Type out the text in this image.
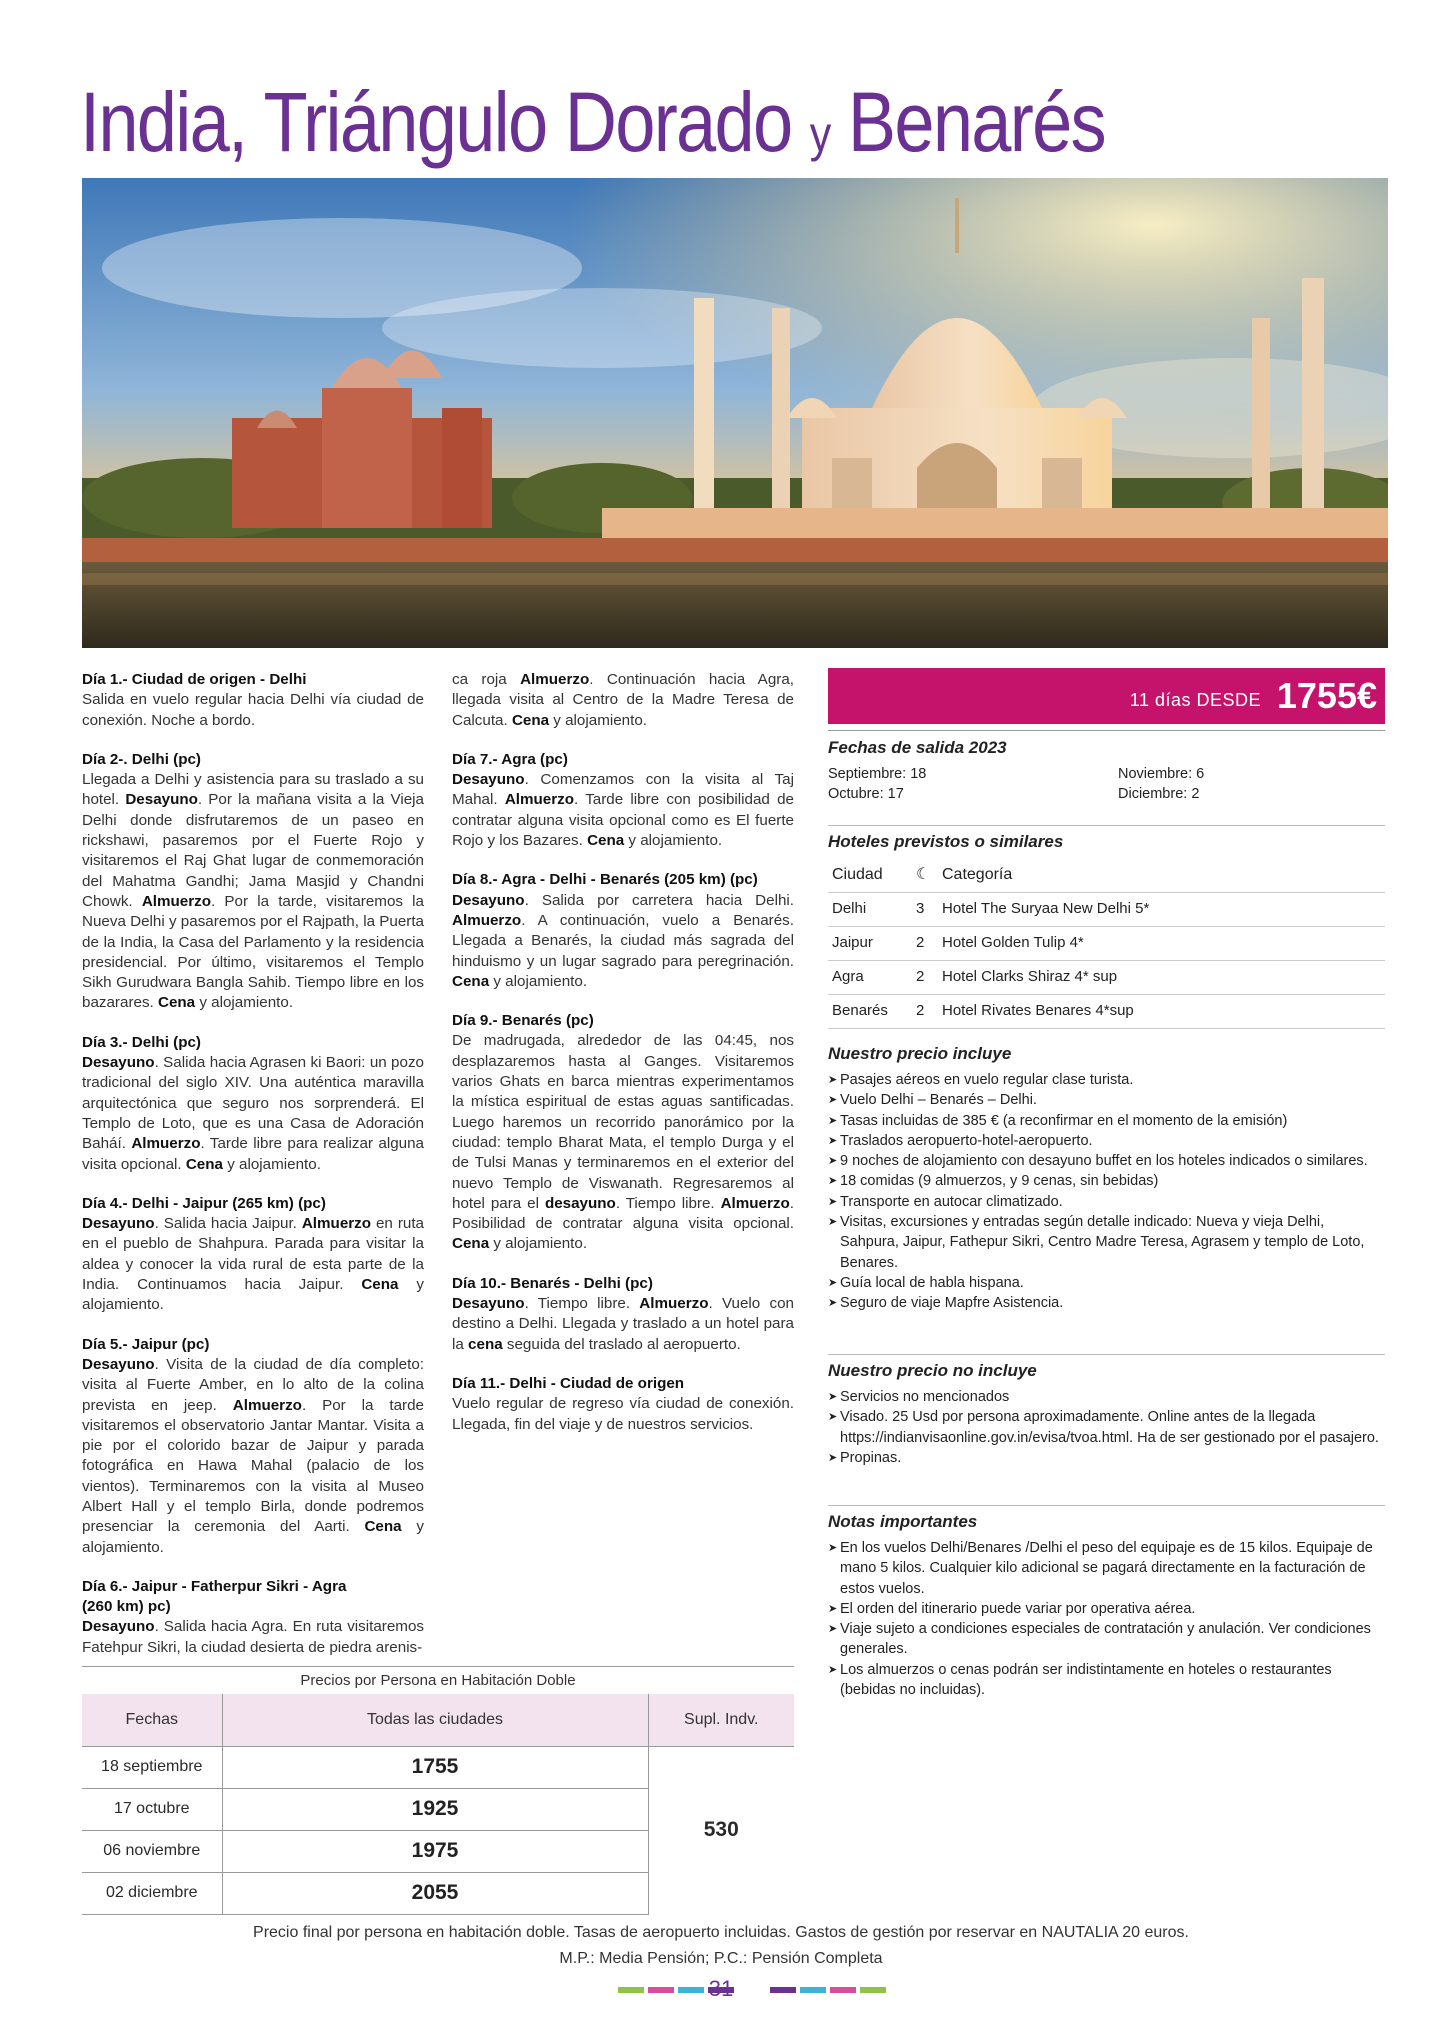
India, Triángulo Dorado y Benarés
Día 1.- Ciudad de origen - Delhi

Salida en vuelo regular hacia Delhi vía ciudad de conexión. Noche a bordo.

Día 2-. Delhi (pc)

Llegada a Delhi y asistencia para su traslado a su hotel. Desayuno. Por la mañana visita a la Vieja Delhi donde disfrutaremos de un paseo en rickshawi, pasaremos por el Fuerte Rojo y visitaremos el Raj Ghat lugar de conmemoración del Mahatma Gandhi; Jama Masjid y Chandni Chowk. Almuerzo. Por la tarde, visitaremos la Nueva Delhi y pasaremos por el Rajpath, la Puerta de la India, la Casa del Parlamento y la residencia presidencial. Por último, visitaremos el Templo Sikh Gurudwara Bangla Sahib. Tiempo libre en los bazarares. Cena y alojamiento.

Día 3.- Delhi (pc)

Desayuno. Salida hacia Agrasen ki Baori: un pozo tradicional del siglo XIV. Una auténtica maravilla arquitectónica que seguro nos sorprenderá. El Templo de Loto, que es una Casa de Adoración Baháí. Almuerzo. Tarde libre para realizar alguna visita opcional. Cena y alojamiento.

Día 4.- Delhi - Jaipur (265 km) (pc)

Desayuno. Salida hacia Jaipur. Almuerzo en ruta en el pueblo de Shahpura. Parada para visitar la aldea y conocer la vida rural de esta parte de la India. Continuamos hacia Jaipur. Cena y alojamiento.

Día 5.- Jaipur (pc)

Desayuno. Visita de la ciudad de día completo: visita al Fuerte Amber, en lo alto de la colina prevista en jeep. Almuerzo. Por la tarde visitaremos el observatorio Jantar Mantar. Visita a pie por el colorido bazar de Jaipur y parada fotográfica en Hawa Mahal (palacio de los vientos). Terminaremos con la visita al Museo Albert Hall y el templo Birla, donde podremos presenciar la ceremonia del Aarti. Cena y alojamiento.

Día 6.- Jaipur - Fatherpur Sikri - Agra
(260 km) pc)

Desayuno. Salida hacia Agra. En ruta visitaremos Fatehpur Sikri, la ciudad desierta de piedra arenis-

ca roja Almuerzo. Continuación hacia Agra, llegada visita al Centro de la Madre Teresa de Calcuta. Cena y alojamiento.

Día 7.- Agra (pc)

Desayuno. Comenzamos con la visita al Taj Mahal. Almuerzo. Tarde libre con posibilidad de contratar alguna visita opcional como es El fuerte Rojo y los Bazares. Cena y alojamiento.

Día 8.- Agra - Delhi - Benarés (205 km) (pc)

Desayuno. Salida por carretera hacia Delhi. Almuerzo. A continuación, vuelo a Benarés. Llegada a Benarés, la ciudad más sagrada del hinduismo y un lugar sagrado para peregrinación. Cena y alojamiento.

Día 9.- Benarés (pc)

De madrugada, alrededor de las 04:45, nos desplazaremos hasta al Ganges. Visitaremos varios Ghats en barca mientras experimentamos la mística espiritual de estas aguas santificadas. Luego haremos un recorrido panorámico por la ciudad: templo Bharat Mata, el templo Durga y el de Tulsi Manas y terminaremos en el exterior del nuevo Templo de Viswanath. Regresaremos al hotel para el desayuno. Tiempo libre. Almuerzo. Posibilidad de contratar alguna visita opcional. Cena y alojamiento.

Día 10.- Benarés - Delhi (pc)

Desayuno. Tiempo libre. Almuerzo. Vuelo con destino a Delhi. Llegada y traslado a un hotel para la cena seguida del traslado al aeropuerto.

Día 11.- Delhi - Ciudad de origen

Vuelo regular de regreso vía ciudad de conexión. Llegada, fin del viaje y de nuestros servicios.

11 días DESDE 1755€
Fechas de salida 2023
Septiembre: 18	Noviembre: 6
Octubre: 17	Diciembre: 2
Hoteles previstos o similares
Ciudad	☾	Categoría
Delhi	3	Hotel The Suryaa New Delhi 5*
Jaipur	2	Hotel Golden Tulip 4*
Agra	2	Hotel Clarks Shiraz 4* sup
Benarés	2	Hotel Rivates Benares 4*sup
Nuestro precio incluye
➤ Pasajes aéreos en vuelo regular clase turista.
➤ Vuelo Delhi – Benarés – Delhi.
➤ Tasas incluidas de 385 € (a reconfirmar en el momento de la emisión)
➤ Traslados aeropuerto-hotel-aeropuerto.
➤ 9 noches de alojamiento con desayuno buffet en los hoteles indicados o similares.
➤ 18 comidas (9 almuerzos, y 9 cenas, sin bebidas)
➤ Transporte en autocar climatizado.
➤ Visitas, excursiones y entradas según detalle indicado: Nueva y vieja Delhi, Sahpura, Jaipur, Fathepur Sikri, Centro Madre Teresa, Agrasem y templo de Loto, Benares.
➤ Guía local de habla hispana.
➤ Seguro de viaje Mapfre Asistencia.
Nuestro precio no incluye
➤ Servicios no mencionados
➤ Visado. 25 Usd por persona aproximadamente. Online antes de la llegada https://indianvisaonline.gov.in/evisa/tvoa.html. Ha de ser gestionado por el pasajero.
➤ Propinas.
Notas importantes
➤ En los vuelos Delhi/Benares /Delhi el peso del equipaje es de 15 kilos. Equipaje de mano 5 kilos. Cualquier kilo adicional se pagará directamente en la facturación de estos vuelos.
➤ El orden del itinerario puede variar por operativa aérea.
➤ Viaje sujeto a condiciones especiales de contratación y anulación. Ver condiciones generales.
➤ Los almuerzos o cenas podrán ser indistintamente en hoteles o restaurantes (bebidas no incluidas).
Precios por Persona en Habitación Doble
Fechas	Todas las ciudades	Supl. Indv.
18 septiembre	1755	530
17 octubre	1925	
06 noviembre	1975	
02 diciembre	2055	
Precio final por persona en habitación doble. Tasas de aeropuerto incluidas. Gastos de gestión por reservar en NAUTALIA 20 euros.
M.P.: Media Pensión; P.C.: Pensión Completa
31
